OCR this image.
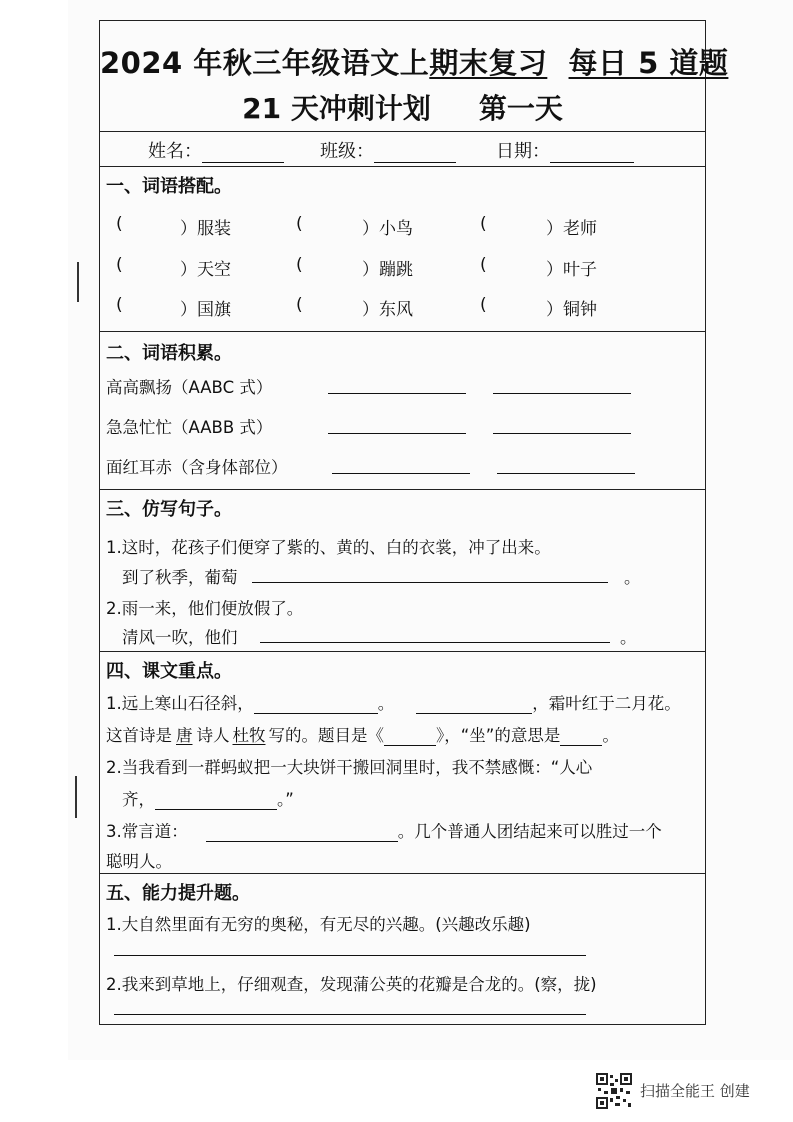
2024 年秋三年级语文上期末复习 每日 5 道题
21 天冲刺计划 第一天
姓名：	班级：	日期：
一、词语搭配。
(	）服装	(	）小鸟	(	）老师
(	）天空	(	）蹦跳	(	）叶子
(	）国旗	(	）东风	(	）铜钟
二、词语积累。
高高飘扬（AABC 式）
急急忙忙（AABB 式）
面红耳赤（含身体部位）
三、仿写句子。
1.这时，花孩子们便穿了紫的、黄的、白的衣裳，冲了出来。
到了秋季，葡萄	。
2.雨一来，他们便放假了。
清风一吹，他们	。
四、课文重点。
1.远上寒山石径斜，	。	，霜叶红于二月花。
这首诗是 唐 诗人 杜牧 写的。题目是《	》，“坐”的意思是	。
2.当我看到一群蚂蚁把一大块饼干搬回洞里时，我不禁感慨：“人心
齐，	。”
3.常言道：	。几个普通人团结起来可以胜过一个
聪明人。
五、能力提升题。
1.大自然里面有无穷的奥秘，有无尽的兴趣。(兴趣改乐趣)
2.我来到草地上，仔细观查，发现蒲公英的花瓣是合龙的。(察，拢)
扫描全能王 创建
